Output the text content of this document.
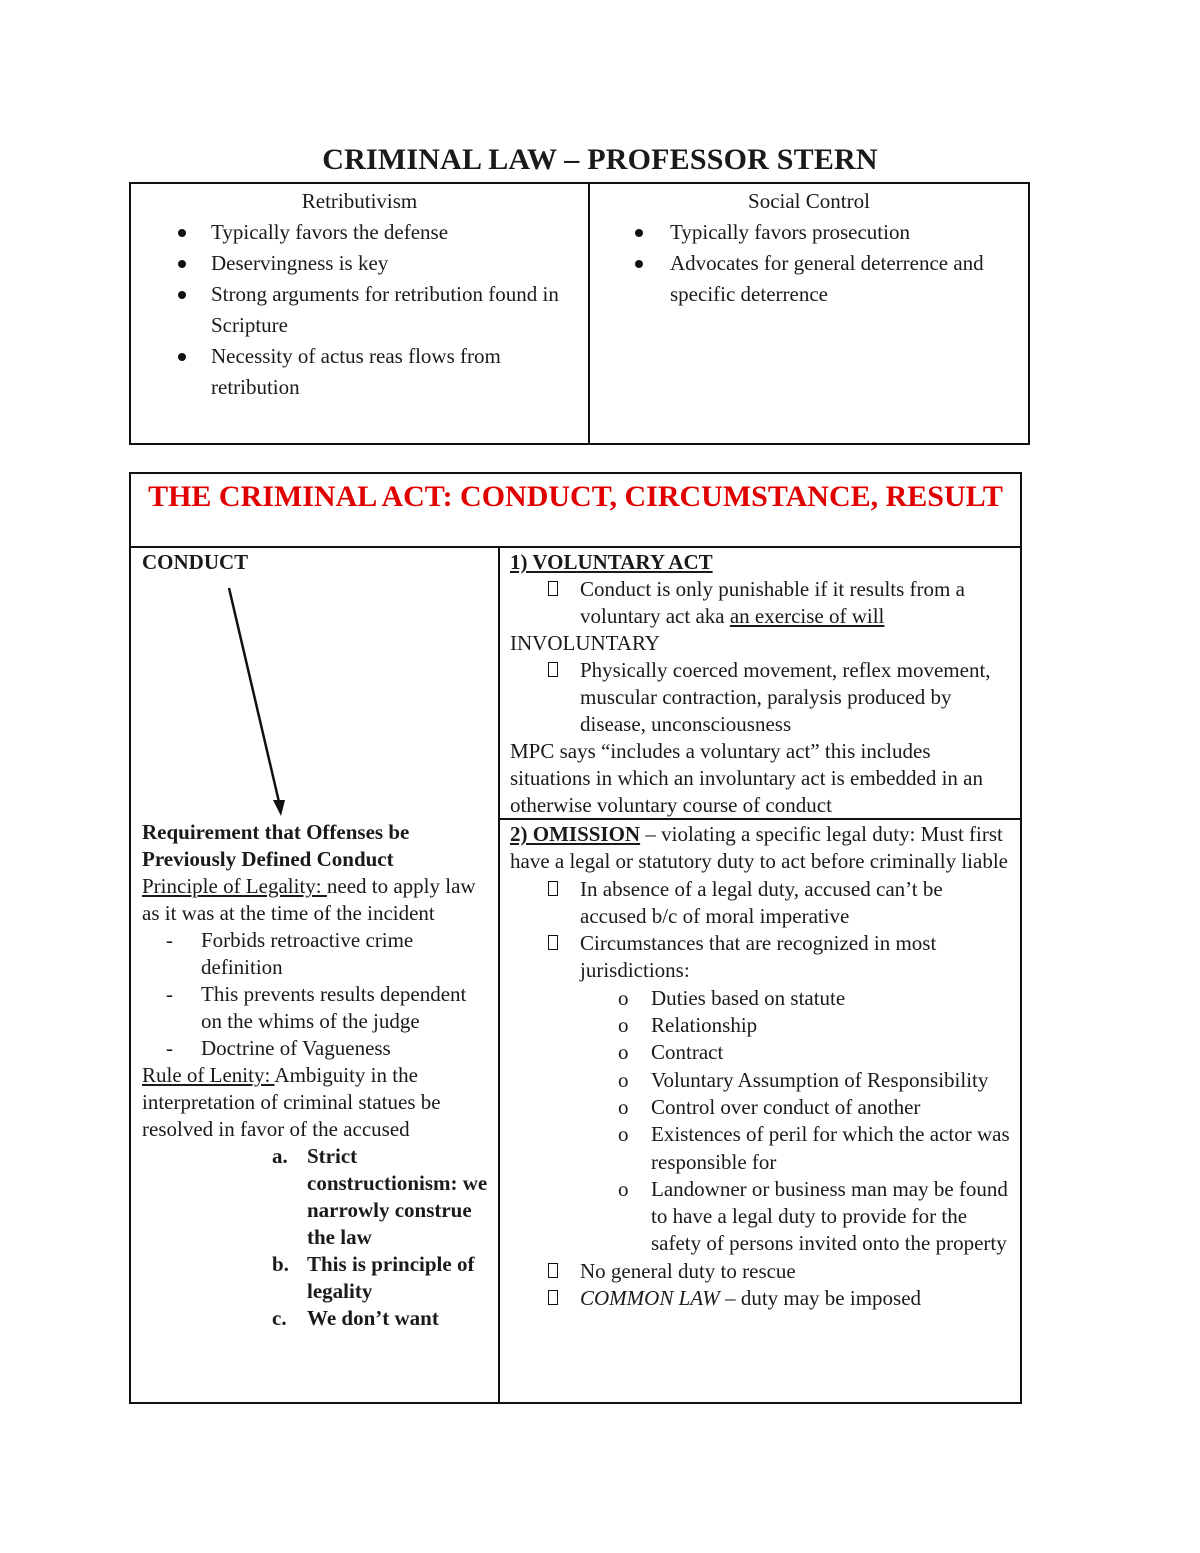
CRIMINAL LAW – PROFESSOR STERN
Retributivism
Typically favors the defense
Deservingness is key
Strong arguments for retribution found in Scripture
Necessity of actus reas flows from retribution
Social Control
Typically favors prosecution
Advocates for general deterrence and specific deterrence
THE CRIMINAL ACT: CONDUCT, CIRCUMSTANCE, RESULT
CONDUCT
Requirement that Offenses be Previously Defined Conduct
Principle of Legality: need to apply law as it was at the time of the incident
- Forbids retroactive crime definition
- This prevents results dependent on the whims of the judge
- Doctrine of Vagueness
Rule of Lenity: Ambiguity in the interpretation of criminal statues be resolved in favor of the accused
a. Strict constructionism: we narrowly construe the law
b. This is principle of legality
c. We don’t want
1) VOLUNTARY ACT
Conduct is only punishable if it results from a voluntary act aka an exercise of will
INVOLUNTARY
Physically coerced movement, reflex movement, muscular contraction, paralysis produced by disease, unconsciousness
MPC says “includes a voluntary act” this includes situations in which an involuntary act is embedded in an otherwise voluntary course of conduct
2) OMISSION – violating a specific legal duty: Must first have a legal or statutory duty to act before criminally liable
In absence of a legal duty, accused can’t be accused b/c of moral imperative
Circumstances that are recognized in most jurisdictions:
o Duties based on statute
o Relationship
o Contract
o Voluntary Assumption of Responsibility
o Control over conduct of another
o Existences of peril for which the actor was responsible for
o Landowner or business man may be found to have a legal duty to provide for the safety of persons invited onto the property
No general duty to rescue
COMMON LAW – duty may be imposed
